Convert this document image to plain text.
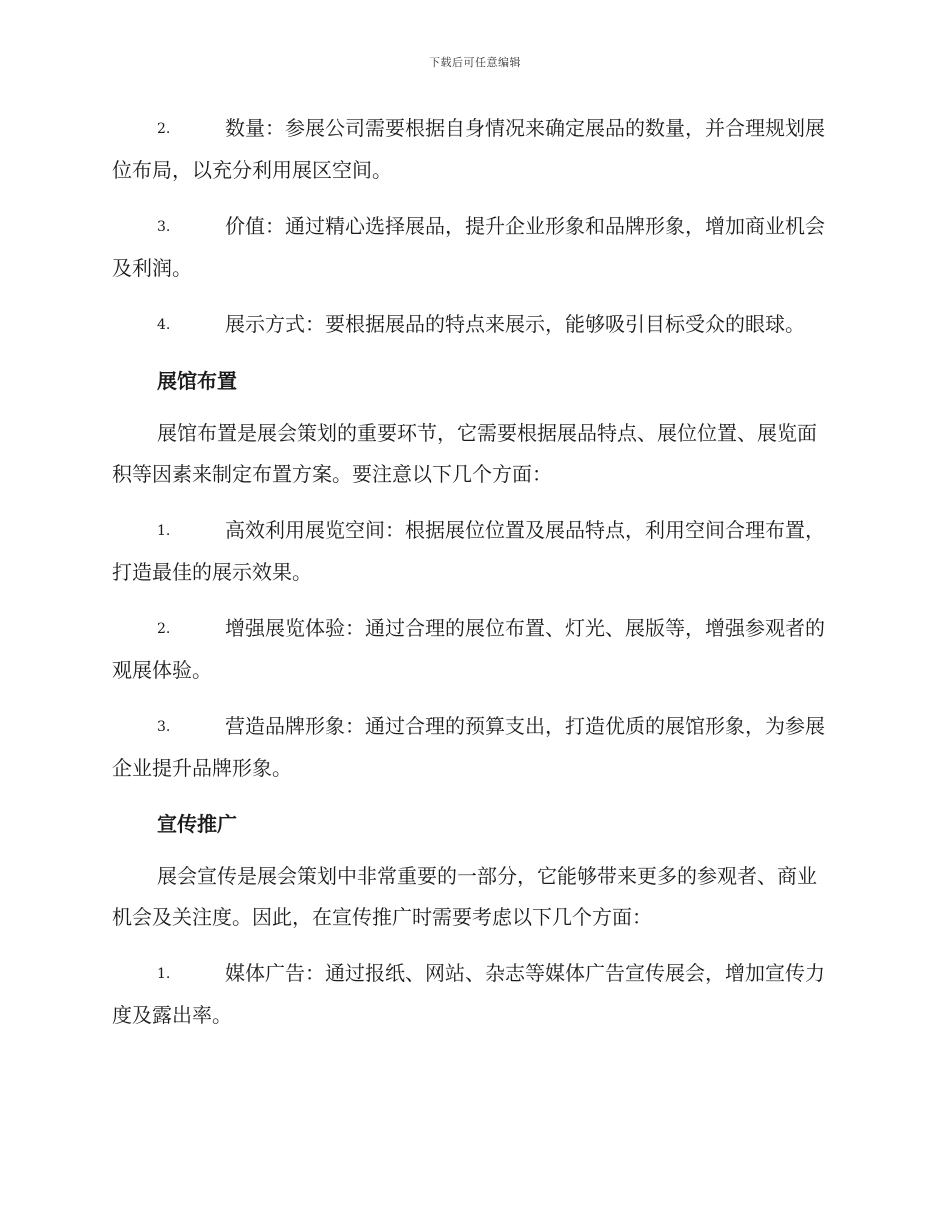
下载后可任意编辑

2.	数量：参展公司需要根据自身情况来确定展品的数量，并合理规划展位布局，以充分利用展区空间。

3.	价值：通过精心选择展品，提升企业形象和品牌形象，增加商业机会及利润。

4.	展示方式：要根据展品的特点来展示，能够吸引目标受众的眼球。

展馆布置

展馆布置是展会策划的重要环节，它需要根据展品特点、展位位置、展览面积等因素来制定布置方案。要注意以下几个方面：

1.	高效利用展览空间：根据展位位置及展品特点，利用空间合理布置，打造最佳的展示效果。

2.	增强展览体验：通过合理的展位布置、灯光、展版等，增强参观者的观展体验。

3.	营造品牌形象：通过合理的预算支出，打造优质的展馆形象，为参展企业提升品牌形象。

宣传推广

展会宣传是展会策划中非常重要的一部分，它能够带来更多的参观者、商业机会及关注度。因此，在宣传推广时需要考虑以下几个方面：

1.	媒体广告：通过报纸、网站、杂志等媒体广告宣传展会，增加宣传力度及露出率。
